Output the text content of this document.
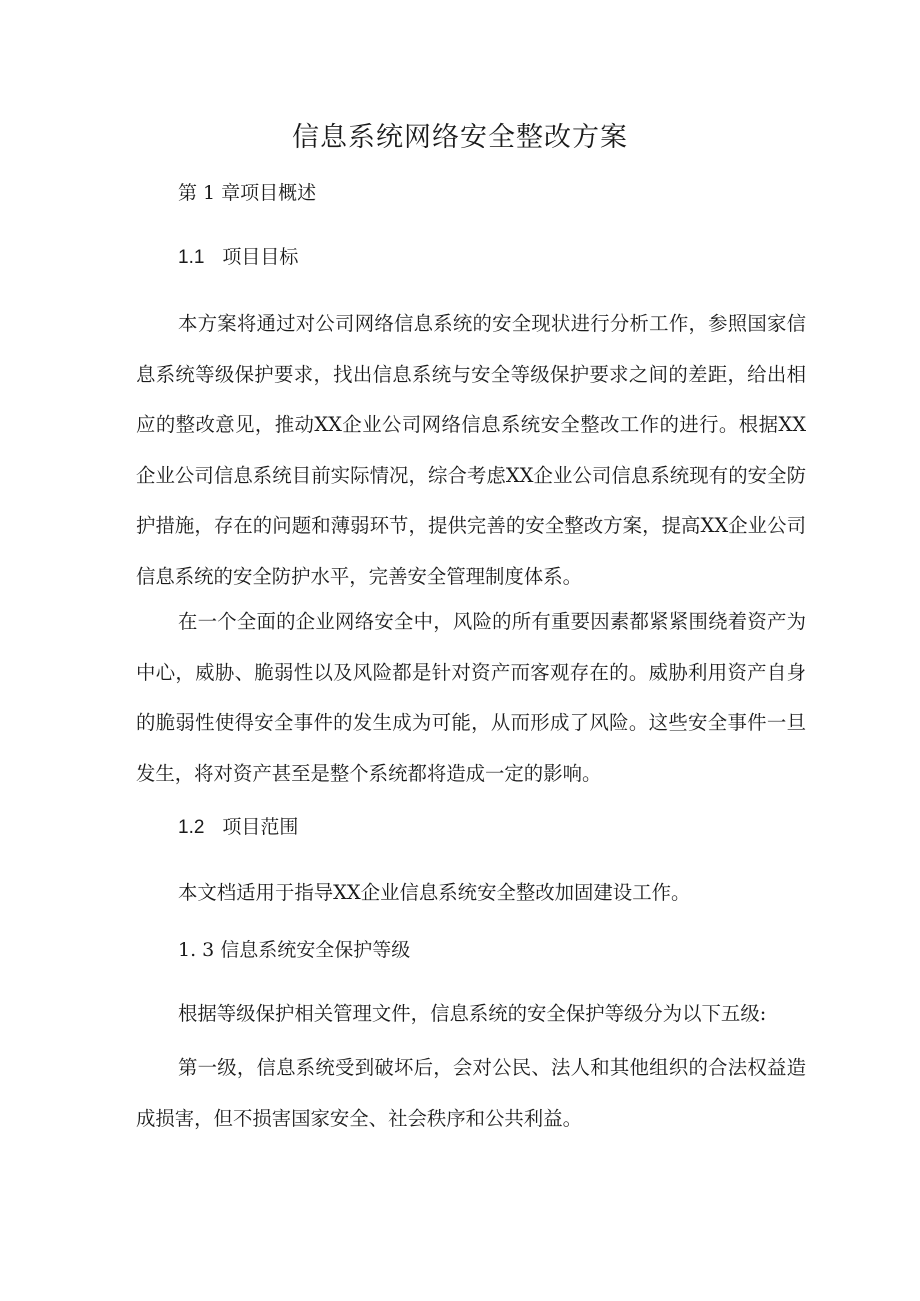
信息系统网络安全整改方案
第 1 章项目概述
1.1 项目目标

本方案将通过对公司网络信息系统的安全现状进行分析工作，参照国家信息系统等级保护要求，找出信息系统与安全等级保护要求之间的差距，给出相应的整改意见，推动XX企业公司网络信息系统安全整改工作的进行。根据XX企业公司信息系统目前实际情况，综合考虑XX企业公司信息系统现有的安全防护措施，存在的问题和薄弱环节，提供完善的安全整改方案，提高XX企业公司信息系统的安全防护水平，完善安全管理制度体系。

在一个全面的企业网络安全中，风险的所有重要因素都紧紧围绕着资产为中心，威胁、脆弱性以及风险都是针对资产而客观存在的。威胁利用资产自身的脆弱性使得安全事件的发生成为可能，从而形成了风险。这些安全事件一旦发生，将对资产甚至是整个系统都将造成一定的影响。

1.2 项目范围

本文档适用于指导XX企业信息系统安全整改加固建设工作。

1. 3 信息系统安全保护等级

根据等级保护相关管理文件，信息系统的安全保护等级分为以下五级:

第一级，信息系统受到破坏后，会对公民、法人和其他组织的合法权益造成损害，但不损害国家安全、社会秩序和公共利益。
